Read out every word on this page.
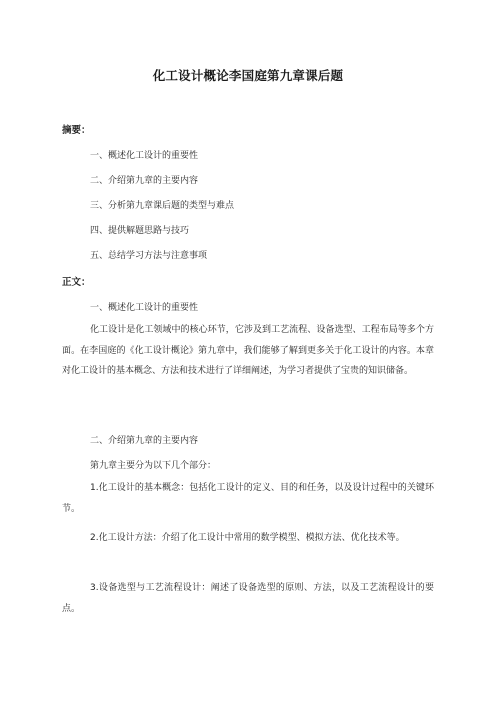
化工设计概论李国庭第九章课后题
摘要：
一、概述化工设计的重要性
二、介绍第九章的主要内容
三、分析第九章课后题的类型与难点
四、提供解题思路与技巧
五、总结学习方法与注意事项
正文：
一、概述化工设计的重要性

化工设计是化工领域中的核心环节，它涉及到工艺流程、设备选型、工程布局等多个方面。在李国庭的《化工设计概论》第九章中，我们能够了解到更多关于化工设计的内容。本章对化工设计的基本概念、方法和技术进行了详细阐述，为学习者提供了宝贵的知识储备。

二、介绍第九章的主要内容
第九章主要分为以下几个部分：

1.化工设计的基本概念：包括化工设计的定义、目的和任务，以及设计过程中的关键环节。

2.化工设计方法：介绍了化工设计中常用的数学模型、模拟方法、优化技术等。

3.设备选型与工艺流程设计：阐述了设备选型的原则、方法，以及工艺流程设计的要点。
